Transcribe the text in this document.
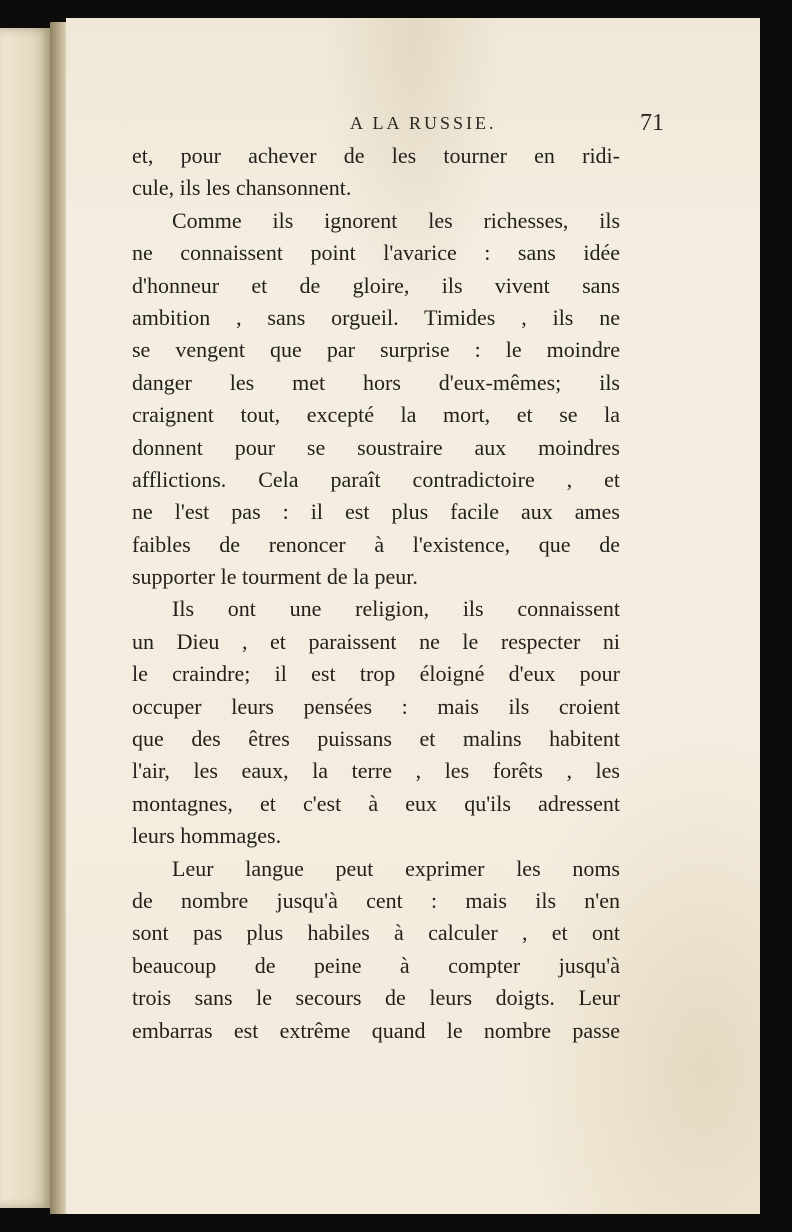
A LA RUSSIE.	71
et, pour achever de les tourner en ridi-
cule, ils les chansonnent.
Comme ils ignorent les richesses, ils
ne connaissent point l'avarice : sans idée
d'honneur et de gloire, ils vivent sans
ambition , sans orgueil. Timides , ils ne
se vengent que par surprise : le moindre
danger les met hors d'eux-mêmes; ils
craignent tout, excepté la mort, et se la
donnent pour se soustraire aux moindres
afflictions. Cela paraît contradictoire , et
ne l'est pas : il est plus facile aux ames
faibles de renoncer à l'existence, que de
supporter le tourment de la peur.
Ils ont une religion, ils connaissent
un Dieu , et paraissent ne le respecter ni
le craindre; il est trop éloigné d'eux pour
occuper leurs pensées : mais ils croient
que des êtres puissans et malins habitent
l'air, les eaux, la terre , les forêts , les
montagnes, et c'est à eux qu'ils adressent
leurs hommages.
Leur langue peut exprimer les noms
de nombre jusqu'à cent : mais ils n'en
sont pas plus habiles à calculer , et ont
beaucoup de peine à compter jusqu'à
trois sans le secours de leurs doigts. Leur
embarras est extrême quand le nombre passe
